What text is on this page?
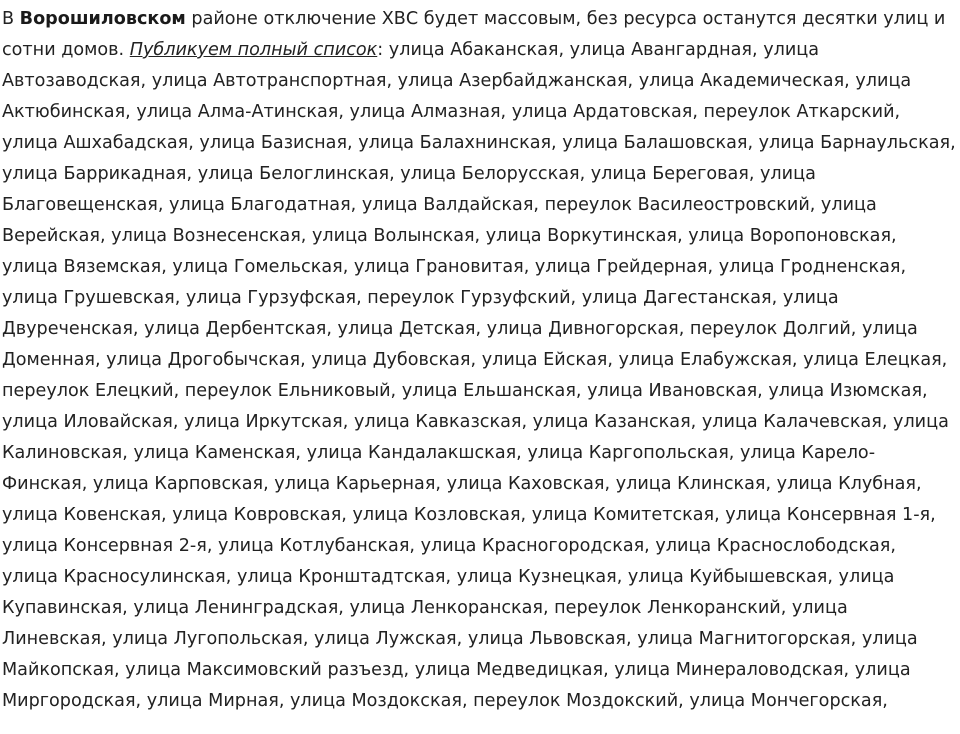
В Ворошиловском районе отключение ХВС будет массовым, без ресурса останутся десятки улиц и сотни домов. Публикуем полный список: улица Абаканская, улица Авангардная, улица Автозаводская, улица Автотранспортная, улица Азербайджанская, улица Академическая, улица Актюбинская, улица Алма-Атинская, улица Алмазная, улица Ардатовская, переулок Аткарский, улица Ашхабадская, улица Базисная, улица Балахнинская, улица Балашовская, улица Барнаульская, улица Баррикадная, улица Белоглинская, улица Белорусская, улица Береговая, улица Благовещенская, улица Благодатная, улица Валдайская, переулок Василеостровский, улица Верейская, улица Вознесенская, улица Волынская, улица Воркутинская, улица Воропоновская, улица Вяземская, улица Гомельская, улица Грановитая, улица Грейдерная, улица Гродненская, улица Грушевская, улица Гурзуфская, переулок Гурзуфский, улица Дагестанская, улица Двуреченская, улица Дербентская, улица Детская, улица Дивногорская, переулок Долгий, улица Доменная, улица Дрогобычская, улица Дубовская, улица Ейская, улица Елабужская, улица Елецкая, переулок Елецкий, переулок Ельниковый, улица Ельшанская, улица Ивановская, улица Изюмская, улица Иловайская, улица Иркутская, улица Кавказская, улица Казанская, улица Калачевская, улица Калиновская, улица Каменская, улица Кандалакшская, улица Каргопольская, улица Карело-Финская, улица Карповская, улица Карьерная, улица Каховская, улица Клинская, улица Клубная, улица Ковенская, улица Ковровская, улица Козловская, улица Комитетская, улица Консервная 1-я, улица Консервная 2-я, улица Котлубанская, улица Красногородская, улица Краснослободская, улица Красносулинская, улица Кронштадтская, улица Кузнецкая, улица Куйбышевская, улица Купавинская, улица Ленинградская, улица Ленкоранская, переулок Ленкоранский, улица Линевская, улица Лугопольская, улица Лужская, улица Львовская, улица Магнитогорская, улица Майкопская, улица Максимовский разъезд, улица Медведицкая, улица Минераловодская, улица Миргородская, улица Мирная, улица Моздокская, переулок Моздокский, улица Мончегорская,
